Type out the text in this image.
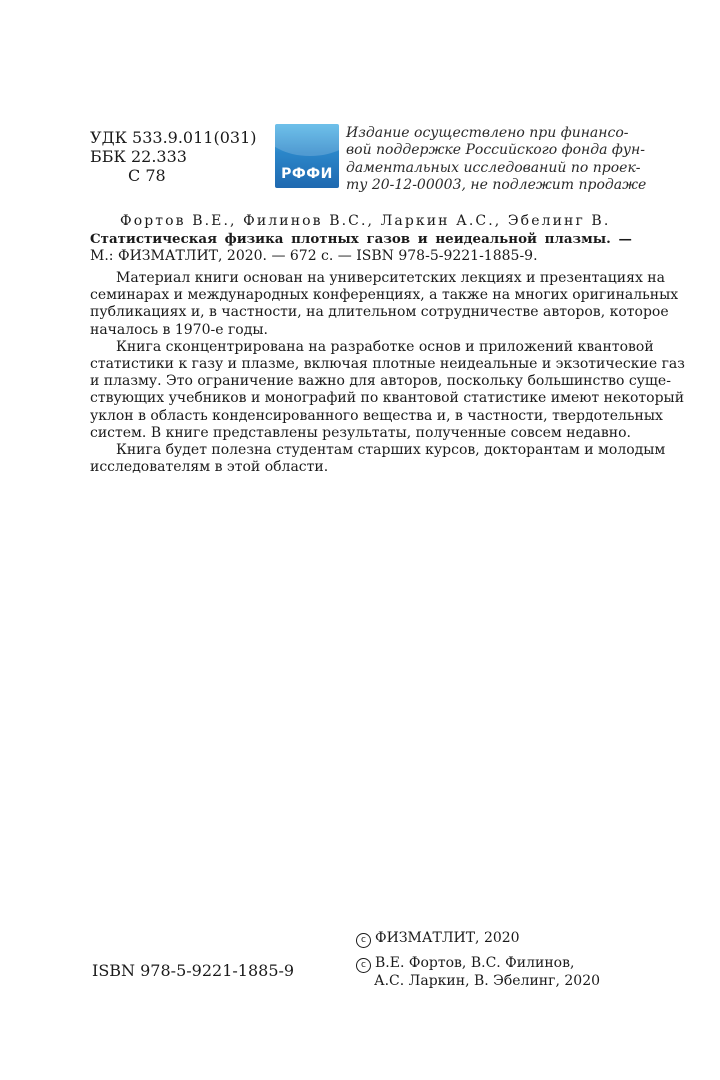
УДК 533.9.011(031)
ББК 22.333
С 78	РФФИ
Издание осуществлено при финансо-
вой поддержке Российского фонда фун-
даментальных исследований по проек-
ту 20-12-00003, не подлежит продаже
Фортов В.Е., Филинов В.С., Ларкин А.С., Эбелинг В.
Статистическая физика плотных газов и неидеальной плазмы. —
М.: ФИЗМАТЛИТ, 2020. — 672 с. — ISBN 978-5-9221-1885-9.
Материал книги основан на университетских лекциях и презентациях на
семинарах и международных конференциях, а также на многих оригинальных
публикациях и, в частности, на длительном сотрудничестве авторов, которое
началось в 1970-е годы.
Книга сконцентрирована на разработке основ и приложений квантовой
статистики к газу и плазме, включая плотные неидеальные и экзотические газ
и плазму. Это ограничение важно для авторов, поскольку большинство суще-
ствующих учебников и монографий по квантовой статистике имеют некоторый
уклон в область конденсированного вещества и, в частности, твердотельных
систем. В книге представлены результаты, полученные совсем недавно.
Книга будет полезна студентам старших курсов, докторантам и молодым
исследователям в этой области.
ISBN 978-5-9221-1885-9
c ФИЗМАТЛИТ, 2020
c В.Е. Фортов, В.С. Филинов,
А.С. Ларкин, В. Эбелинг, 2020
